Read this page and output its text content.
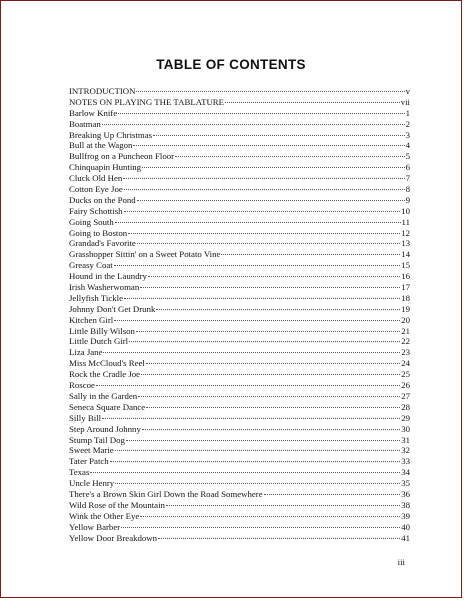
TABLE OF CONTENTS
INTRODUCTION	v
NOTES ON PLAYING THE TABLATURE	vii
Barlow Knife	1
Boatman	2
Breaking Up Christmas	3
Bull at the Wagon	4
Bullfrog on a Puncheon Floor	5
Chinquapin Hunting	6
Cluck Old Hen	7
Cotton Eye Joe	8
Ducks on the Pond	9
Fairy Schottish	10
Going South	11
Going to Boston	12
Grandad's Favorite	13
Grasshopper Sittin' on a Sweet Potato Vine	14
Greasy Coat	15
Hound in the Laundry	16
Irish Washerwoman	17
Jellyfish Tickle	18
Johnny Don't Get Drunk	19
Kitchen Girl	20
Little Billy Wilson	21
Little Dutch Girl	22
Liza Jane	23
Miss McCloud's Reel	24
Rock the Cradle Joe	25
Roscoe	26
Sally in the Garden	27
Seneca Square Dance	28
Silly Bill	29
Step Around Johnny	30
Stump Tail Dog	31
Sweet Marie	32
Tater Patch	33
Texas	34
Uncle Henry	35
There's a Brown Skin Girl Down the Road Somewhere	36
Wild Rose of the Mountain	38
Wink the Other Eye	39
Yellow Barber	40
Yellow Door Breakdown	41
iii
